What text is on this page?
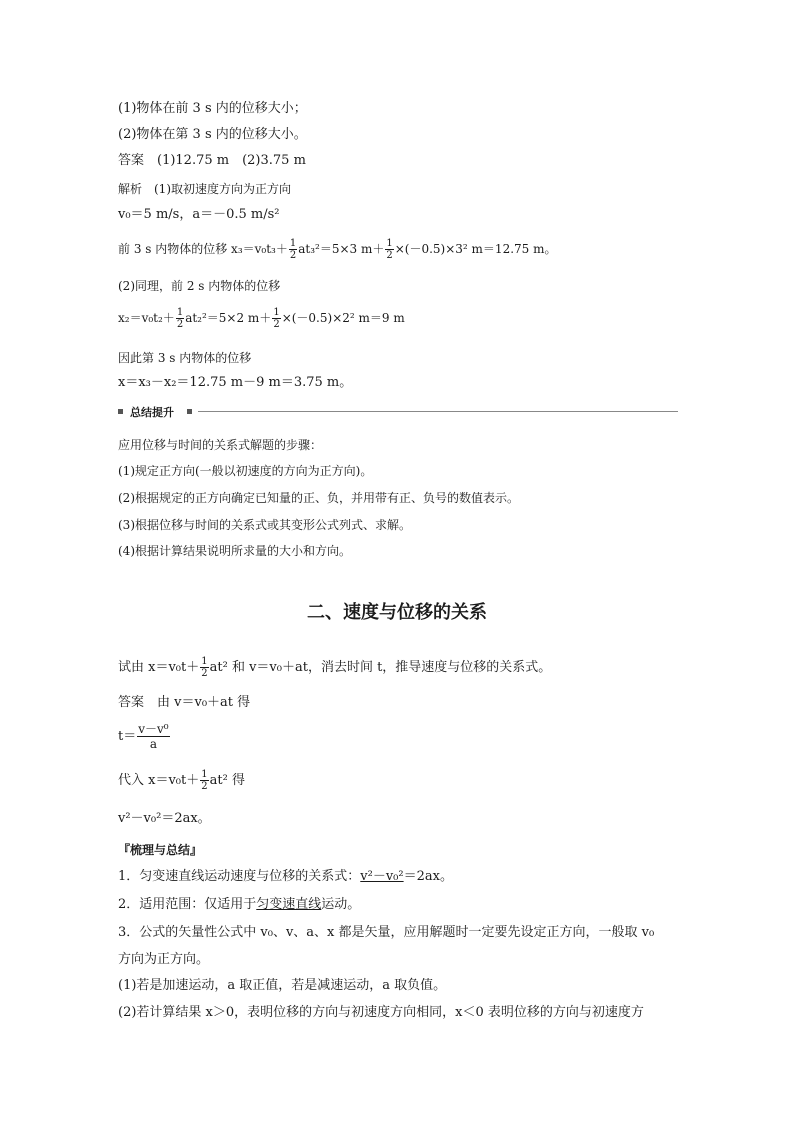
(1)物体在前 3 s 内的位移大小；
(2)物体在第 3 s 内的位移大小。
答案　(1)12.75 m　(2)3.75 m
解析　(1)取初速度方向为正方向
v₀＝5 m/s，a＝－0.5 m/s²
前 3 s 内物体的位移 $x_3=v_0t_3+ \frac{1}{2} at_3^2=5\times 3$ $m+ \frac{1}{2} \times(-0.5)\times 3^2$ m＝12.75 m。
(2)同理，前 2 s 内物体的位移
$x_2=v_0t_2+ \frac{1}{2} at_2^2=5\times 2$ $m+ \frac{1}{2} \times(-0.5)\times 2^2$ m＝9 m
因此第 3 s 内物体的位移
x＝x₃－x₂＝12.75 m－9 m＝3.75 m。
总结提升
应用位移与时间的关系式解题的步骤：
(1)规定正方向(一般以初速度的方向为正方向)。
(2)根据规定的正方向确定已知量的正、负，并用带有正、负号的数值表示。
(3)根据位移与时间的关系式或其变形公式列式、求解。
(4)根据计算结果说明所求量的大小和方向。
二、速度与位移的关系
试由 $x=v_0t+ \frac{1}{2} at^2$ 和 v＝v₀＋at，消去时间 t，推导速度与位移的关系式。
答案　由 v＝v₀＋at 得
$t= \frac{\text{v－v⁰}}{a}$
代入 $x=v_0t+ \frac{1}{2} at^2$ 得
v²－v₀²＝2ax。
『梳理与总结』
1．匀变速直线运动速度与位移的关系式：v²－v₀²＝2ax。
2．适用范围：仅适用于匀变速直线运动。
3．公式的矢量性公式中 v₀、v、a、x 都是矢量，应用解题时一定要先设定正方向，一般取 v₀
方向为正方向。
(1)若是加速运动，a 取正值，若是减速运动，a 取负值。
(2)若计算结果 x＞0，表明位移的方向与初速度方向相同，x＜0 表明位移的方向与初速度方
